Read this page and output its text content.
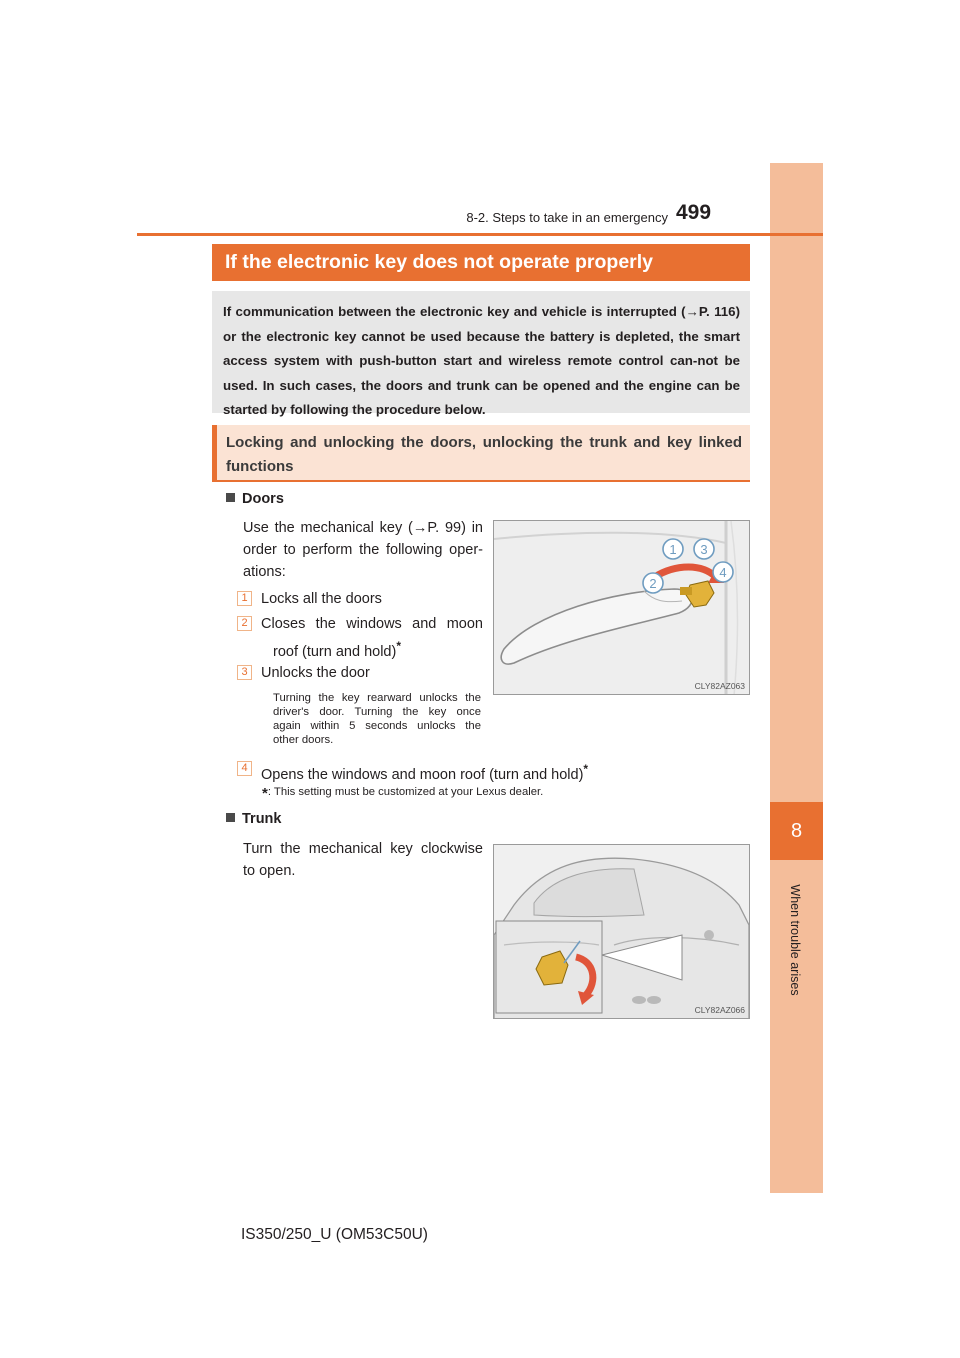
8
When trouble arises
8-2. Steps to take in an emergency 499
If the electronic key does not operate properly
If communication between the electronic key and vehicle is interrupted (→P. 116) or the electronic key cannot be used because the battery is depleted, the smart access system with push-button start and wireless remote control can-not be used. In such cases, the doors and trunk can be opened and the engine can be started by following the procedure below.
Locking and unlocking the doors, unlocking the trunk and key linked functions
Doors
Use the mechanical key (→P. 99) in
order to perform the following oper-
ations:
1 Locks all the doors
2 Closes the windows and moon
roof (turn and hold)*
3 Unlocks the door
Turning the key rearward unlocks the
driver's door. Turning the key once
again within 5 seconds unlocks the
other doors.
4 Opens the windows and moon roof (turn and hold)*
*: This setting must be customized at your Lexus dealer.
1 3
2
4
CLY82AZ063
Trunk
Turn the mechanical key clockwise
to open.
CLY82AZ066
IS350/250_U (OM53C50U)
